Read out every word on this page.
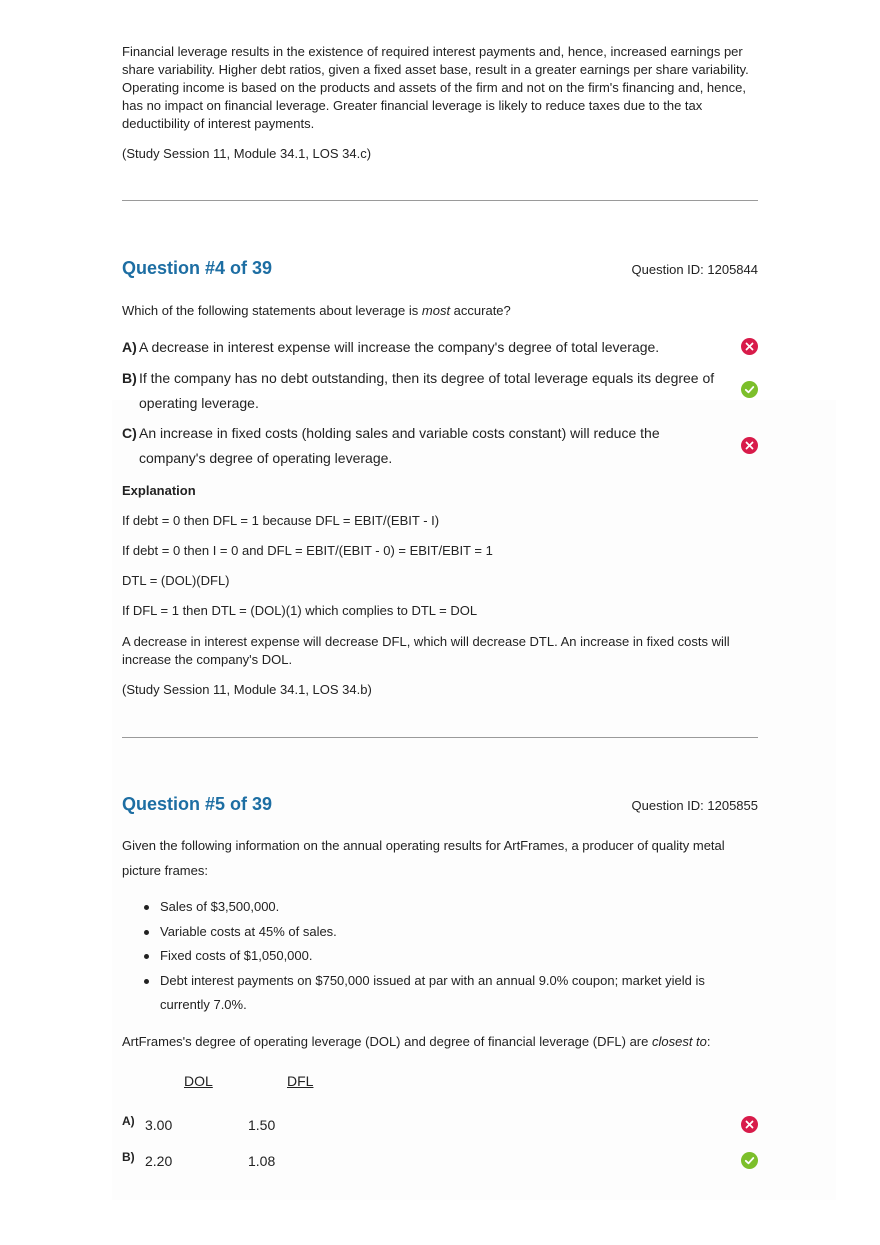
Financial leverage results in the existence of required interest payments and, hence, increased earnings per share variability. Higher debt ratios, given a fixed asset base, result in a greater earnings per share variability. Operating income is based on the products and assets of the firm and not on the firm's financing and, hence, has no impact on financial leverage. Greater financial leverage is likely to reduce taxes due to the tax deductibility of interest payments.

(Study Session 11, Module 34.1, LOS 34.c)

Question #4 of 39	Question ID: 1205844

Which of the following statements about leverage is most accurate?

A) A decrease in interest expense will increase the company's degree of total leverage.
B) If the company has no debt outstanding, then its degree of total leverage equals its degree of operating leverage.
C) An increase in fixed costs (holding sales and variable costs constant) will reduce the company's degree of operating leverage.
Explanation
If debt = 0 then DFL = 1 because DFL = EBIT/(EBIT - I)
If debt = 0 then I = 0 and DFL = EBIT/(EBIT - 0) = EBIT/EBIT = 1
DTL = (DOL)(DFL)
If DFL = 1 then DTL = (DOL)(1) which complies to DTL = DOL
A decrease in interest expense will decrease DFL, which will decrease DTL. An increase in fixed costs will increase the company's DOL.
(Study Session 11, Module 34.1, LOS 34.b)
Question #5 of 39	Question ID: 1205855

Given the following information on the annual operating results for ArtFrames, a producer of quality metal picture frames:

Sales of $3,500,000.
Variable costs at 45% of sales.
Fixed costs of $1,050,000.
Debt interest payments on $750,000 issued at par with an annual 9.0% coupon; market yield is currently 7.0%.

ArtFrames's degree of operating leverage (DOL) and degree of financial leverage (DFL) are closest to:

DOL	DFL
A) 3.00	1.50
B) 2.20	1.08
